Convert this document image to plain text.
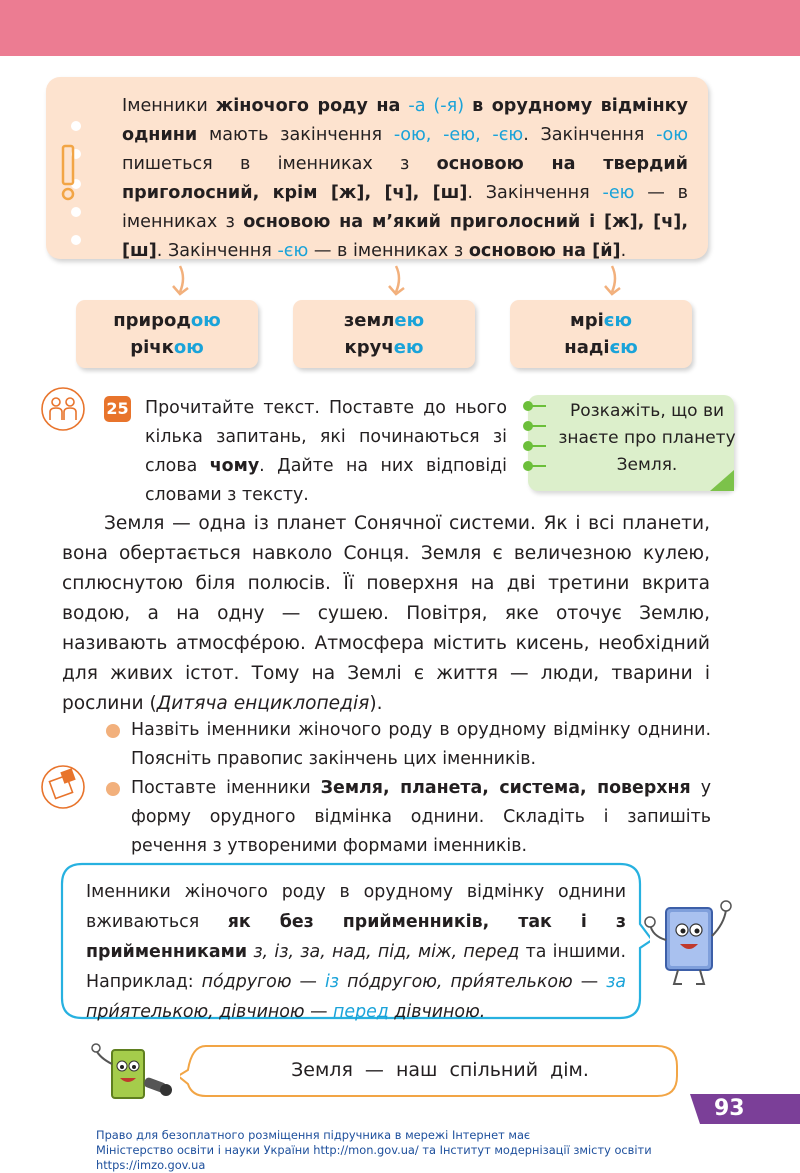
Іменники жіночого роду на -а (-я) в орудному відмінку однини мають закінчення -ою, -ею, -єю. Закінчення -ою пишеться в іменниках з основою на твердий приголосний, крім [ж], [ч], [ш]. Закінчення -ею — в іменниках з основою на м’який приголосний і [ж], [ч], [ш]. Закінчення -єю — в іменниках з основою на [й].
природою
річкою
землею
кручею
мрією
надією
25 Прочитайте текст. Поставте до нього кілька запитань, які починаються зі слова чому. Дайте на них відповіді словами з тексту.
Розкажіть, що ви знаєте про планету Земля.
Земля — одна із планет Сонячної системи. Як і всі планети, вона обертається навколо Сонця. Земля є величезною кулею, сплюснутою біля полюсів. Її поверхня на дві третини вкрита водою, а на одну — сушею. Повітря, яке оточує Землю, називають атмосфе́рою. Атмосфера містить кисень, необхідний для живих істот. Тому на Землі є життя — люди, тварини і рослини (Дитяча енциклопедія).
Назвіть іменники жіночого роду в орудному відмінку однини. Поясніть правопис закінчень цих іменників.
Поставте іменники Земля, планета, система, поверхня у форму орудного відмінка однини. Складіть і запишіть речення з утвореними формами іменників.
Іменники жіночого роду в орудному відмінку однини вживаються як без прийменників, так і з прийменниками з, із, за, над, під, між, перед та іншими. Наприклад: по́другою — із по́другою, при́ятелькою — за при́ятелькою, дівчиною — перед дівчиною.
Земля — наш спільний дім.
93
Право для безоплатного розміщення підручника в мережі Інтернет має
Міністерство освіти і науки України http://mon.gov.ua/ та Інститут модернізації змісту освіти https://imzo.gov.ua
